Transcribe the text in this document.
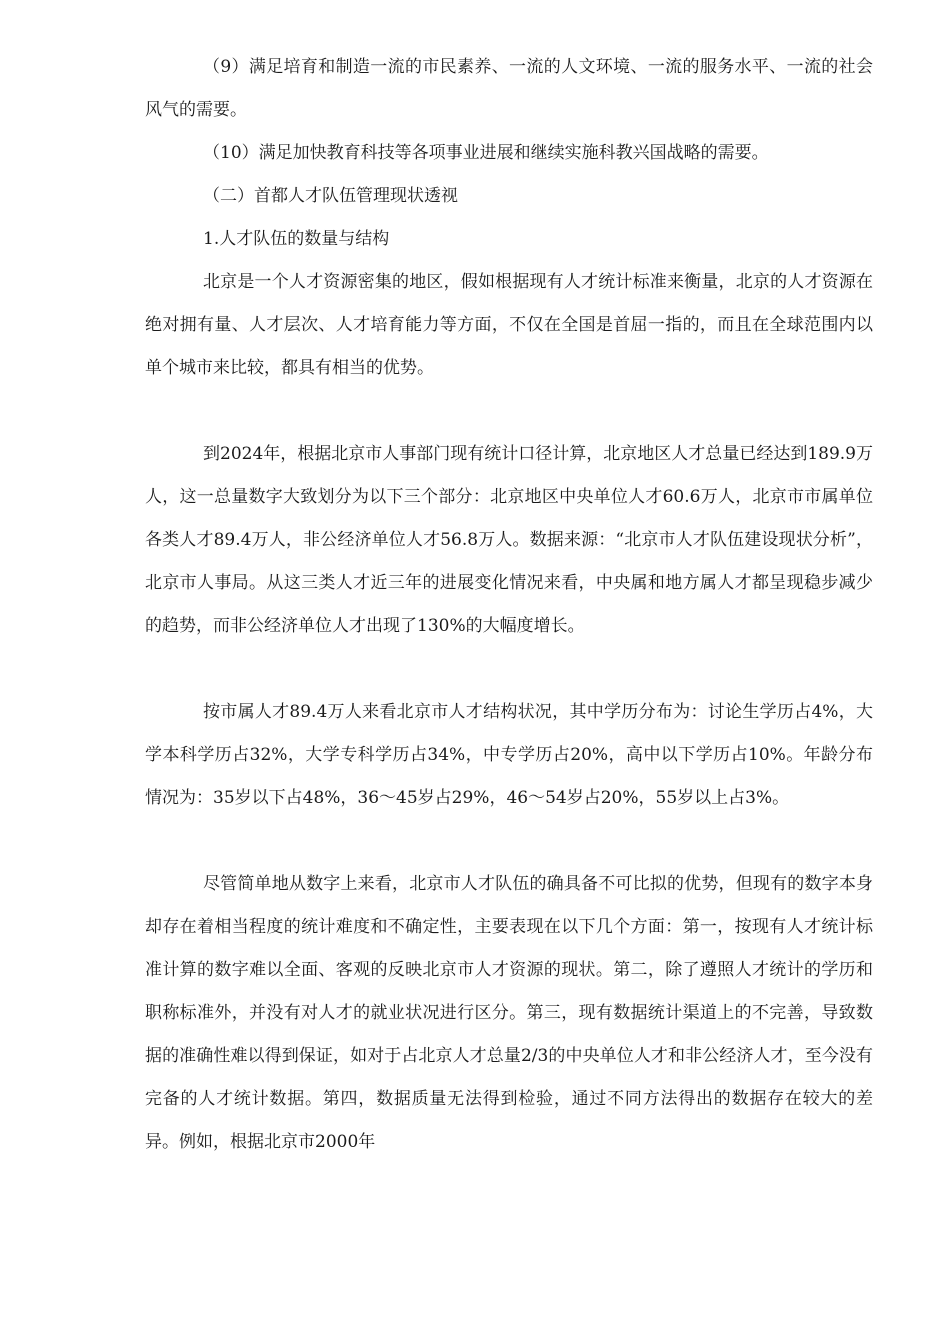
（9）满足培育和制造一流的市民素养、一流的人文环境、一流的服务水平、一流的社会风气的需要。

（10）满足加快教育科技等各项事业进展和继续实施科教兴国战略的需要。

（二）首都人才队伍管理现状透视

1.人才队伍的数量与结构

北京是一个人才资源密集的地区，假如根据现有人才统计标准来衡量，北京的人才资源在绝对拥有量、人才层次、人才培育能力等方面，不仅在全国是首屈一指的，而且在全球范围内以单个城市来比较，都具有相当的优势。

到2024年，根据北京市人事部门现有统计口径计算，北京地区人才总量已经达到189.9万人，这一总量数字大致划分为以下三个部分：北京地区中央单位人才60.6万人，北京市市属单位各类人才89.4万人，非公经济单位人才56.8万人。数据来源：“北京市人才队伍建设现状分析”，北京市人事局。从这三类人才近三年的进展变化情况来看，中央属和地方属人才都呈现稳步减少的趋势，而非公经济单位人才出现了130%的大幅度增长。

按市属人才89.4万人来看北京市人才结构状况，其中学历分布为：讨论生学历占4%，大学本科学历占32%，大学专科学历占34%，中专学历占20%，高中以下学历占10%。年龄分布情况为：35岁以下占48%，36～45岁占29%，46～54岁占20%，55岁以上占3%。

尽管简单地从数字上来看，北京市人才队伍的确具备不可比拟的优势，但现有的数字本身却存在着相当程度的统计难度和不确定性，主要表现在以下几个方面：第一，按现有人才统计标准计算的数字难以全面、客观的反映北京市人才资源的现状。第二，除了遵照人才统计的学历和职称标准外，并没有对人才的就业状况进行区分。第三，现有数据统计渠道上的不完善，导致数据的准确性难以得到保证，如对于占北京人才总量2/3的中央单位人才和非公经济人才，至今没有完备的人才统计数据。第四，数据质量无法得到检验，通过不同方法得出的数据存在较大的差异。例如，根据北京市2000年
